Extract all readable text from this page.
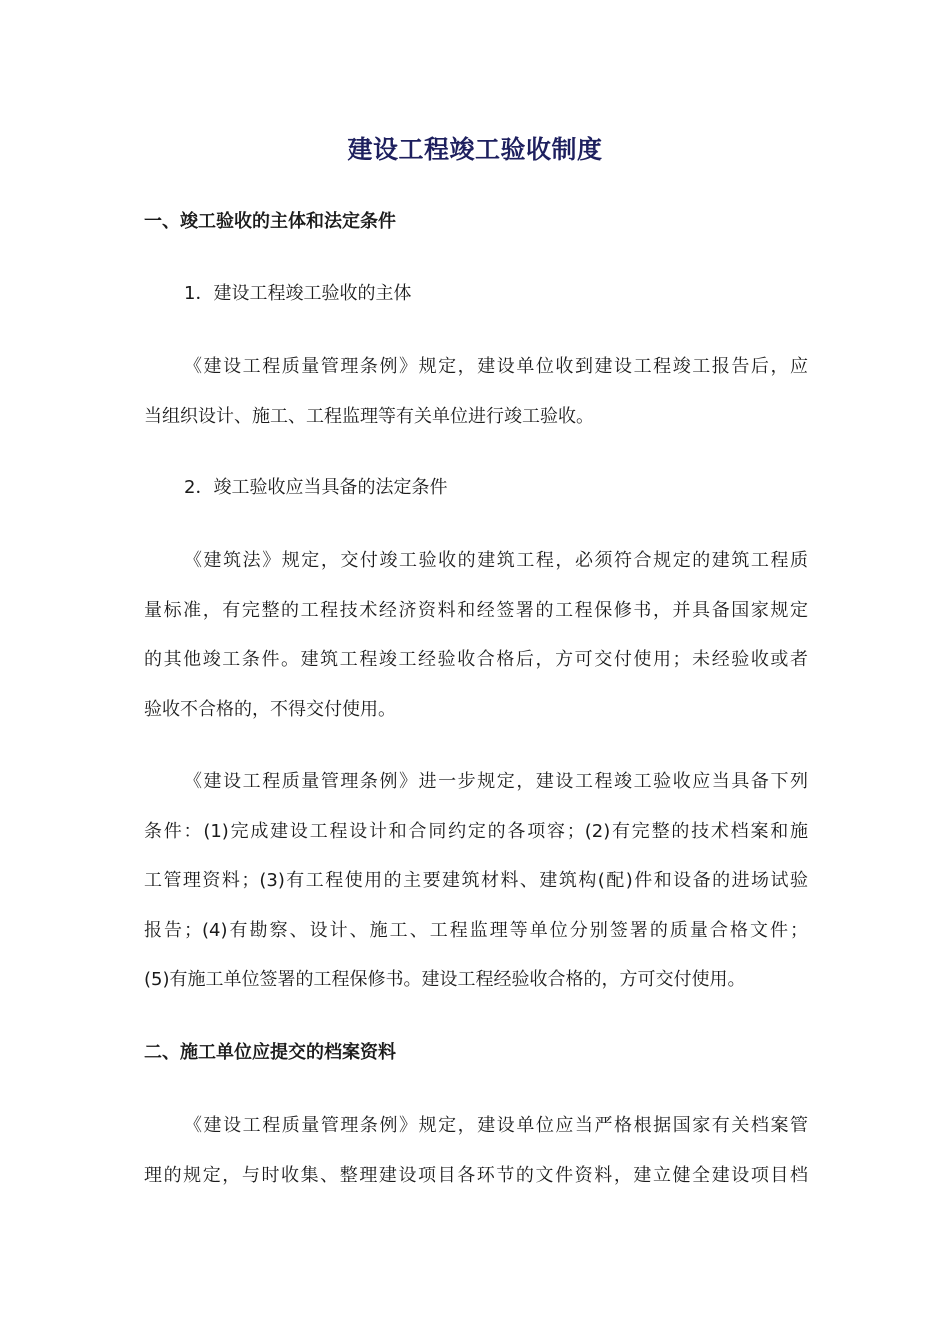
建设工程竣工验收制度
一、竣工验收的主体和法定条件
1．建设工程竣工验收的主体
《建设工程质量管理条例》规定，建设单位收到建设工程竣工报告后，应
当组织设计、施工、工程监理等有关单位进行竣工验收。
2．竣工验收应当具备的法定条件
《建筑法》规定，交付竣工验收的建筑工程，必须符合规定的建筑工程质
量标准，有完整的工程技术经济资料和经签署的工程保修书，并具备国家规定
的其他竣工条件。建筑工程竣工经验收合格后，方可交付使用；未经验收或者
验收不合格的，不得交付使用。
《建设工程质量管理条例》进一步规定，建设工程竣工验收应当具备下列
条件：(1)完成建设工程设计和合同约定的各项容；(2)有完整的技术档案和施
工管理资料；(3)有工程使用的主要建筑材料、建筑构(配)件和设备的进场试验
报告；(4)有勘察、设计、施工、工程监理等单位分别签署的质量合格文件；
(5)有施工单位签署的工程保修书。建设工程经验收合格的，方可交付使用。
二、施工单位应提交的档案资料
《建设工程质量管理条例》规定，建设单位应当严格根据国家有关档案管
理的规定，与时收集、整理建设项目各环节的文件资料，建立健全建设项目档
